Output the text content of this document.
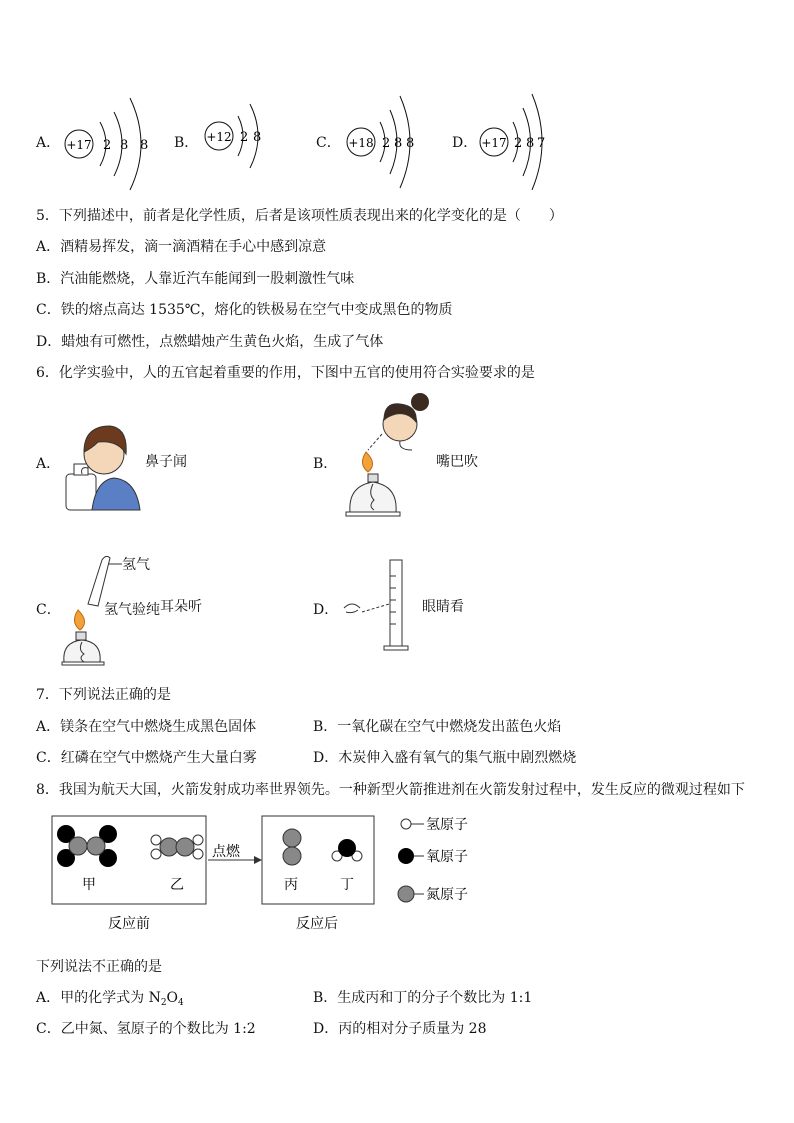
A． +17 2 8 8 B． +12 2 8	C． +18 2 8 8	D． +17 2 8 7
5．下列描述中，前者是化学性质，后者是该项性质表现出来的化学变化的是（　　）
A．酒精易挥发，滴一滴酒精在手心中感到凉意
B．汽油能燃烧，人靠近汽车能闻到一股刺激性气味
C．铁的熔点高达 1535℃，熔化的铁极易在空气中变成黑色的物质
D．蜡烛有可燃性，点燃蜡烛产生黄色火焰，生成了气体
6．化学实验中，人的五官起着重要的作用，下图中五官的使用符合实验要求的是
A．	鼻子闻	B．	嘴巴吹
C．
氢气
氢气验纯 耳朵听	D．	眼睛看
7．下列说法正确的是
A．镁条在空气中燃烧生成黑色固体	B．一氧化碳在空气中燃烧发出蓝色火焰
C．红磷在空气中燃烧产生大量白雾	D．木炭伸入盛有氧气的集气瓶中剧烈燃烧
8．我国为航天大国，火箭发射成功率世界领先。一种新型火箭推进剂在火箭发射过程中，发生反应的微观过程如下
甲	乙
点燃
丙	丁
反应前	反应后
氢原子
氧原子
氮原子
下列说法不正确的是
A．甲的化学式为 $N_2O_4$	B．生成丙和丁的分子个数比为 1:1
C．乙中氮、氢原子的个数比为 1:2	D．丙的相对分子质量为 28
